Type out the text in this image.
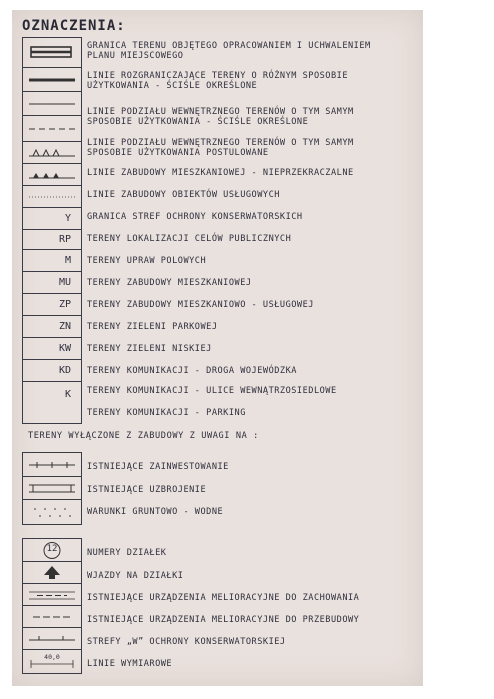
OZNACZENIA:
Y
RP
M
MU
ZP
ZN
KW
KD
K
GRANICA TERENU OBJĘTEGO OPRACOWANIEM I UCHWALENIEM
PLANU MIEJSCOWEGO
LINIE ROZGRANICZAJĄCE TERENY O RÓŻNYM SPOSOBIE
UŻYTKOWANIA - ŚCIŚLE OKREŚLONE
LINIE PODZIAŁU WEWNĘTRZNEGO TERENÓW O TYM SAMYM
SPOSOBIE UŻYTKOWANIA - ŚCIŚLE OKREŚLONE
LINIE PODZIAŁU WEWNĘTRZNEGO TERENÓW O TYM SAMYM
SPOSOBIE UŻYTKOWANIA POSTULOWANE
LINIE ZABUDOWY MIESZKANIOWEJ - NIEPRZEKRACZALNE
LINIE ZABUDOWY OBIEKTÓW USŁUGOWYCH
GRANICA STREF OCHRONY KONSERWATORSKICH
TERENY LOKALIZACJI CELÓW PUBLICZNYCH
TERENY UPRAW POLOWYCH
TERENY ZABUDOWY MIESZKANIOWEJ
TERENY ZABUDOWY MIESZKANIOWO - USŁUGOWEJ
TERENY ZIELENI PARKOWEJ
TERENY ZIELENI NISKIEJ
TERENY KOMUNIKACJI - DROGA WOJEWÓDZKA
TERENY KOMUNIKACJI - ULICE WEWNĄTRZOSIEDLOWE
TERENY KOMUNIKACJI - PARKING
TERENY WYŁĄCZONE Z ZABUDOWY Z UWAGI NA :
ISTNIEJĄCE ZAINWESTOWANIE
ISTNIEJĄCE UZBROJENIE
WARUNKI GRUNTOWO - WODNE
12
40,0
NUMERY DZIAŁEK
WJAZDY NA DZIAŁKI
ISTNIEJĄCE URZĄDZENIA MELIORACYJNE DO ZACHOWANIA
ISTNIEJĄCE URZĄDZENIA MELIORACYJNE DO PRZEBUDOWY
STREFY „W” OCHRONY KONSERWATORSKIEJ
LINIE WYMIAROWE
